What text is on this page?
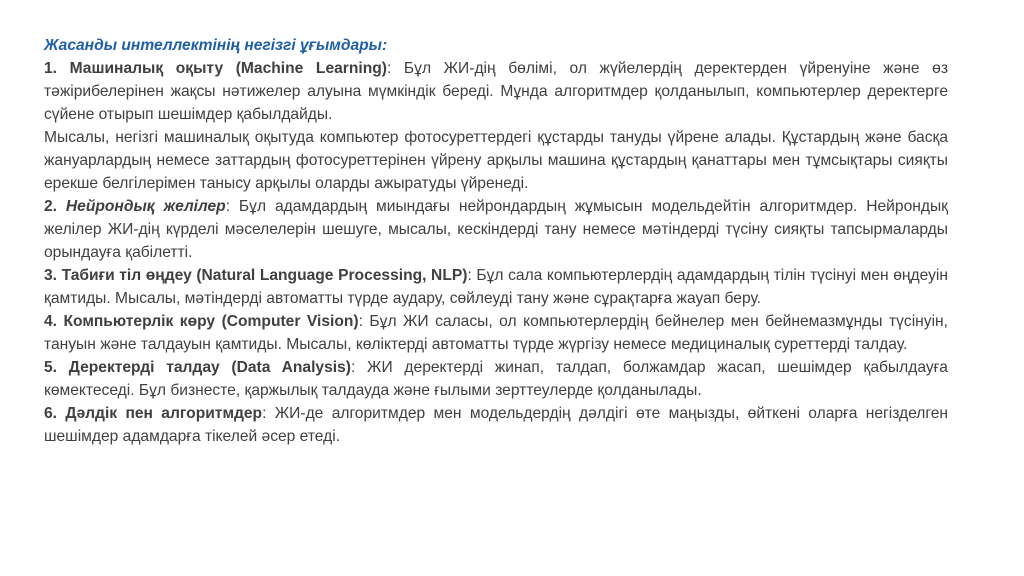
Жасанды интеллектінің негізгі ұғымдары:

1. Машиналық оқыту (Machine Learning): Бұл ЖИ-дің бөлімі, ол жүйелердің деректерден үйренуіне және өз тәжірибелерінен жақсы нәтижелер алуына мүмкіндік береді. Мұнда алгоритмдер қолданылып, компьютерлер деректерге сүйене отырып шешімдер қабылдайды.

Мысалы, негізгі машиналық оқытуда компьютер фотосуреттердегі құстарды тануды үйрене алады. Құстардың және басқа жануарлардың немесе заттардың фотосуреттерінен үйрену арқылы машина құстардың қанаттары мен тұмсықтары сияқты ерекше белгілерімен танысу арқылы оларды ажыратуды үйренеді.

2. Нейрондық желілер: Бұл адамдардың миындағы нейрондардың жұмысын модельдейтін алгоритмдер. Нейрондық желілер ЖИ-дің күрделі мәселелерін шешуге, мысалы, кескіндерді тану немесе мәтіндерді түсіну сияқты тапсырмаларды орындауға қабілетті.

3. Табиғи тіл өңдеу (Natural Language Processing, NLP): Бұл сала компьютерлердің адамдардың тілін түсінуі мен өңдеуін қамтиды. Мысалы, мәтіндерді автоматты түрде аудару, сөйлеуді тану және сұрақтарға жауап беру.

4. Компьютерлік көру (Computer Vision): Бұл ЖИ саласы, ол компьютерлердің бейнелер мен бейнемазмұнды түсінуін, тануын және талдауын қамтиды. Мысалы, көліктерді автоматты түрде жүргізу немесе медициналық суреттерді талдау.

5. Деректерді талдау (Data Analysis): ЖИ деректерді жинап, талдап, болжамдар жасап, шешімдер қабылдауға көмектеседі. Бұл бизнесте, қаржылық талдауда және ғылыми зерттеулерде қолданылады.

6. Дәлдік пен алгоритмдер: ЖИ-де алгоритмдер мен модельдердің дәлдігі өте маңызды, өйткені оларға негізделген шешімдер адамдарға тікелей әсер етеді.
